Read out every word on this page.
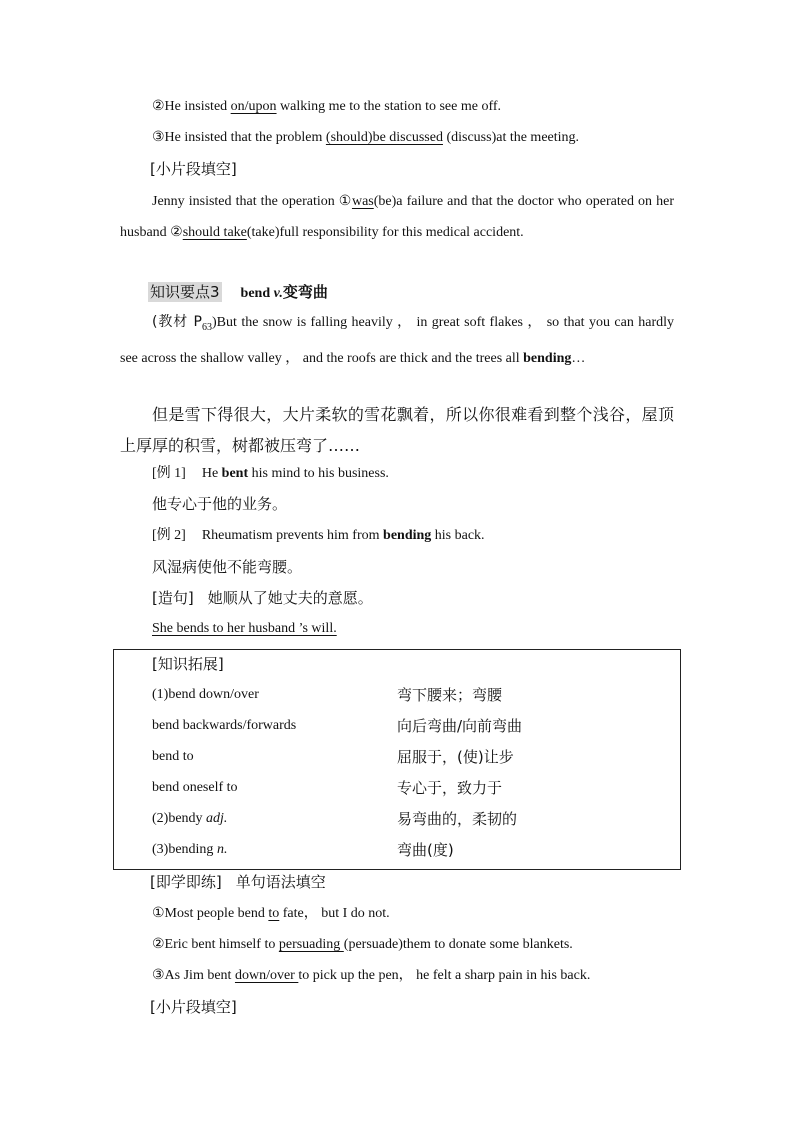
②He insisted on/upon walking me to the station to see me off.
③He insisted that the problem (should)be discussed (discuss)at the meeting.
[小片段填空]
Jenny insisted that the operation ①was(be)a failure and that the doctor who operated on her husband ②should take(take)full responsibility for this medical accident.
知识要点3 bend v.变弯曲
(教材 $P_{63})But$ the snow is falling heavily ， in great soft flakes ， so that you can hardly see across the shallow valley ， and the roofs are thick and the trees all bending…
但是雪下得很大，大片柔软的雪花飘着，所以你很难看到整个浅谷，屋顶上厚厚的积雪，树都被压弯了……
[例 1] He bent his mind to his business.
他专心于他的业务。
[例 2] Rheumatism prevents him from bending his back.
风湿病使他不能弯腰。
[造句] 她顺从了她丈夫的意愿。
She bends to her husband ’s will.
[知识拓展]
(1)bend down/over	弯下腰来；弯腰
bend backwards/forwards	向后弯曲/向前弯曲
bend to	屈服于，(使)让步
bend oneself to	专心于，致力于
(2)bendy adj.	易弯曲的，柔韧的
(3)bending n.	弯曲(度)
[即学即练] 单句语法填空
①Most people bend to fate， but I do not.
②Eric bent himself to persuading (persuade)them to donate some blankets.
③As Jim bent down/over to pick up the pen， he felt a sharp pain in his back.
[小片段填空]
